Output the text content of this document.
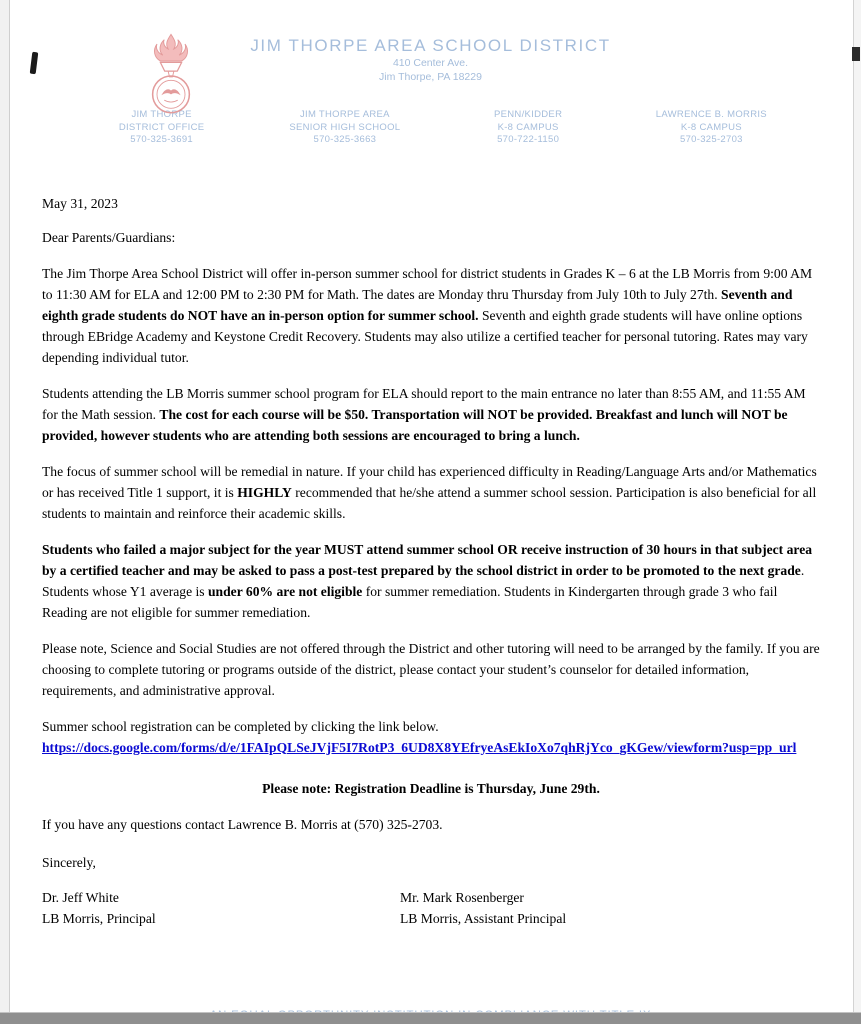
JIM THORPE AREA SCHOOL DISTRICT
410 Center Ave.
Jim Thorpe, PA 18229
JIM THORPE
DISTRICT OFFICE
570-325-3691
JIM THORPE AREA
SENIOR HIGH SCHOOL
570-325-3663
PENN/KIDDER
K-8 CAMPUS
570-722-1150
LAWRENCE B. MORRIS
K-8 CAMPUS
570-325-2703
May 31, 2023
Dear Parents/Guardians:

The Jim Thorpe Area School District will offer in-person summer school for district students in Grades K – 6 at the LB Morris from 9:00 AM to 11:30 AM for ELA and 12:00 PM to 2:30 PM for Math. The dates are Monday thru Thursday from July 10th to July 27th. Seventh and eighth grade students do NOT have an in-person option for summer school. Seventh and eighth grade students will have online options through EBridge Academy and Keystone Credit Recovery. Students may also utilize a certified teacher for personal tutoring. Rates may vary depending individual tutor.

Students attending the LB Morris summer school program for ELA should report to the main entrance no later than 8:55 AM, and 11:55 AM for the Math session. The cost for each course will be $50. Transportation will NOT be provided. Breakfast and lunch will NOT be provided, however students who are attending both sessions are encouraged to bring a lunch.

The focus of summer school will be remedial in nature. If your child has experienced difficulty in Reading/Language Arts and/or Mathematics or has received Title 1 support, it is HIGHLY recommended that he/she attend a summer school session. Participation is also beneficial for all students to maintain and reinforce their academic skills.

Students who failed a major subject for the year MUST attend summer school OR receive instruction of 30 hours in that subject area by a certified teacher and may be asked to pass a post-test prepared by the school district in order to be promoted to the next grade. Students whose Y1 average is under 60% are not eligible for summer remediation. Students in Kindergarten through grade 3 who fail Reading are not eligible for summer remediation.

Please note, Science and Social Studies are not offered through the District and other tutoring will need to be arranged by the family. If you are choosing to complete tutoring or programs outside of the district, please contact your student’s counselor for detailed information, requirements, and administrative approval.

Summer school registration can be completed by clicking the link below.

https://docs.google.com/forms/d/e/1FAIpQLSeJVjF5I7RotP3_6UD8X8YEfryeAsEkIoXo7qhRjYco_gKGew/viewform?usp=pp_url
Please note: Registration Deadline is Thursday, June 29th.

If you have any questions contact Lawrence B. Morris at (570) 325-2703.

Sincerely,
Dr. Jeff White
LB Morris, Principal
Mr. Mark Rosenberger
LB Morris, Assistant Principal
